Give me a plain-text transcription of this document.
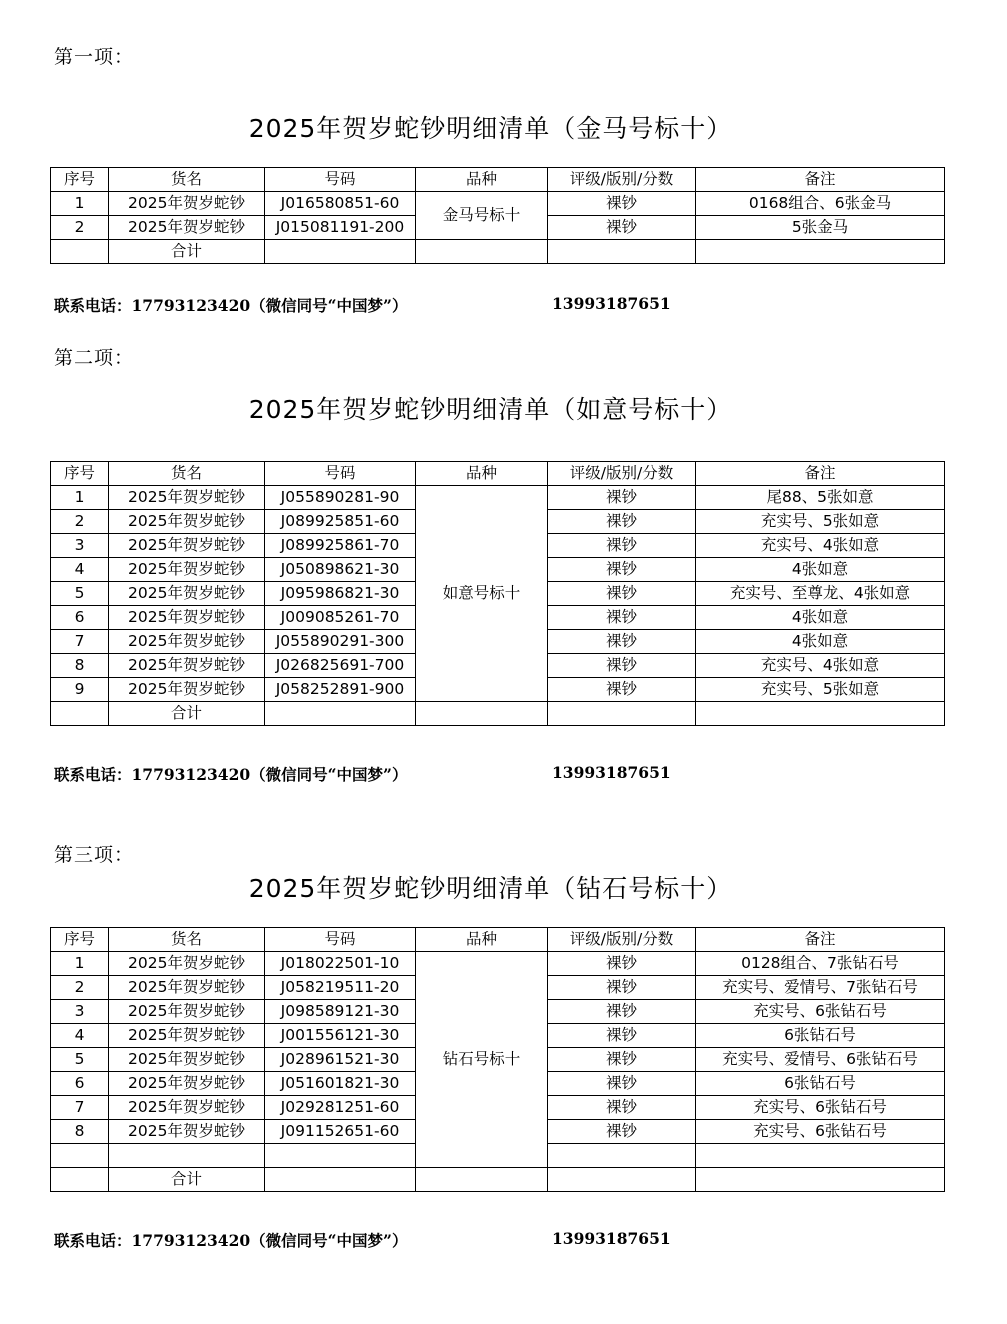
第一项：
2025年贺岁蛇钞明细清单（金马号标十）
序号	货名	号码	品种	评级/版别/分数	备注
1	2025年贺岁蛇钞	J016580851-60	金马号标十	裸钞	0168组合、6张金马
2	2025年贺岁蛇钞	J015081191-200		裸钞	5张金马
	合计				
联系电话：17793123420（微信同号“中国梦”）	13993187651
第二项：
2025年贺岁蛇钞明细清单（如意号标十）
序号	货名	号码	品种	评级/版别/分数	备注
1	2025年贺岁蛇钞	J055890281-90	如意号标十	裸钞	尾88、5张如意
2	2025年贺岁蛇钞	J089925851-60		裸钞	充实号、5张如意
3	2025年贺岁蛇钞	J089925861-70		裸钞	充实号、4张如意
4	2025年贺岁蛇钞	J050898621-30		裸钞	4张如意
5	2025年贺岁蛇钞	J095986821-30		裸钞	充实号、至尊龙、4张如意
6	2025年贺岁蛇钞	J009085261-70		裸钞	4张如意
7	2025年贺岁蛇钞	J055890291-300		裸钞	4张如意
8	2025年贺岁蛇钞	J026825691-700		裸钞	充实号、4张如意
9	2025年贺岁蛇钞	J058252891-900		裸钞	充实号、5张如意
	合计				
联系电话：17793123420（微信同号“中国梦”）	13993187651
第三项：
2025年贺岁蛇钞明细清单（钻石号标十）
序号	货名	号码	品种	评级/版别/分数	备注
1	2025年贺岁蛇钞	J018022501-10	钻石号标十	裸钞	0128组合、7张钻石号
2	2025年贺岁蛇钞	J058219511-20		裸钞	充实号、爱情号、7张钻石号
3	2025年贺岁蛇钞	J098589121-30		裸钞	充实号、6张钻石号
4	2025年贺岁蛇钞	J001556121-30		裸钞	6张钻石号
5	2025年贺岁蛇钞	J028961521-30		裸钞	充实号、爱情号、6张钻石号
6	2025年贺岁蛇钞	J051601821-30		裸钞	6张钻石号
7	2025年贺岁蛇钞	J029281251-60		裸钞	充实号、6张钻石号
8	2025年贺岁蛇钞	J091152651-60		裸钞	充实号、6张钻石号

	合计				
联系电话：17793123420（微信同号“中国梦”）	13993187651
